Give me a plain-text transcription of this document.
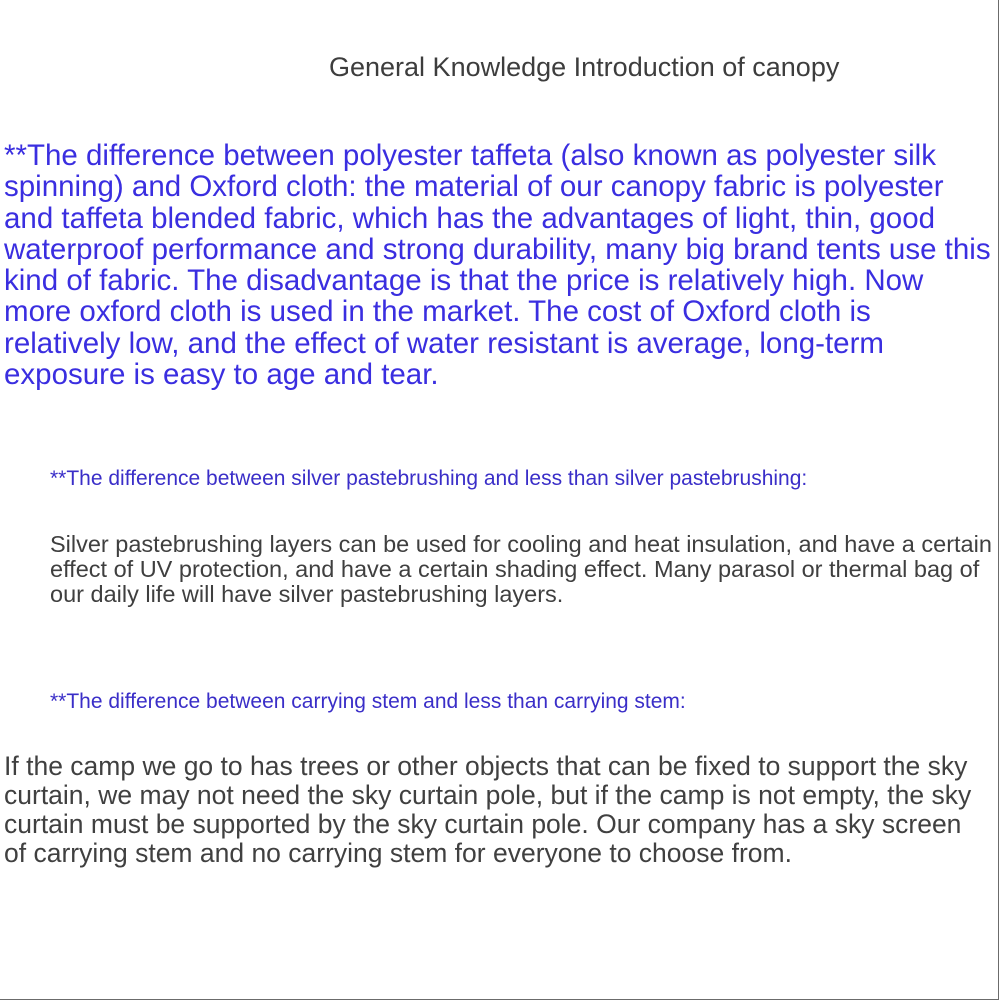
General Knowledge Introduction of canopy

**The difference between polyester taffeta (also known as polyester silk spinning) and Oxford cloth: the material of our canopy fabric is polyester and taffeta blended fabric, which has the advantages of light, thin, good waterproof performance and strong durability, many big brand tents use this kind of fabric. The disadvantage is that the price is relatively high. Now more oxford cloth is used in the market. The cost of Oxford cloth is relatively low, and the effect of water resistant is average, long-term exposure is easy to age and tear.

**The difference between silver pastebrushing and less than silver pastebrushing:

Silver pastebrushing layers can be used for cooling and heat insulation, and have a certain effect of UV protection, and have a certain shading effect. Many parasol or thermal bag of our daily life will have silver pastebrushing layers.

**The difference between carrying stem and less than carrying stem:

If the camp we go to has trees or other objects that can be fixed to support the sky curtain, we may not need the sky curtain pole, but if the camp is not empty, the sky curtain must be supported by the sky curtain pole. Our company has a sky screen of carrying stem and no carrying stem for everyone to choose from.
